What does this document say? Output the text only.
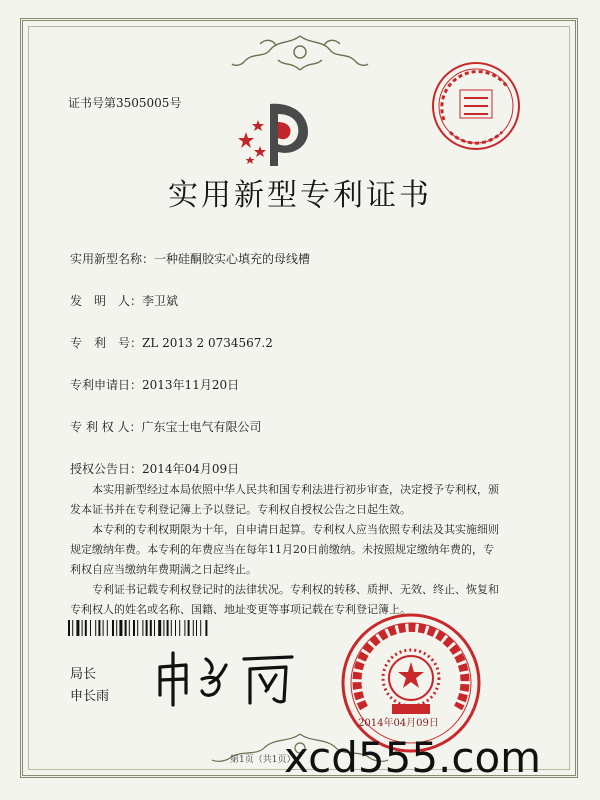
证书号第3505005号
实用新型专利证书
实用新型名称：一种硅酮胶实心填充的母线槽
发　明　人：李卫斌
专　利　号：ZL 2013 2 0734567.2
专利申请日：2013年11月20日
专 利 权 人：广东宝士电气有限公司
授权公告日：2014年04月09日

本实用新型经过本局依照中华人民共和国专利法进行初步审查，决定授予专利权，颁发本证书并在专利登记簿上予以登记。专利权自授权公告之日起生效。

本专利的专利权期限为十年，自申请日起算。专利权人应当依照专利法及其实施细则规定缴纳年费。本专利的年费应当在每年11月20日前缴纳。未按照规定缴纳年费的，专利权自应当缴纳年费期满之日起终止。

专利证书记载专利权登记时的法律状况。专利权的转移、质押、无效、终止、恢复和专利权人的姓名或名称、国籍、地址变更等事项记载在专利登记簿上。

局长
申长雨
2014年04月09日
第1页（共1页）
xcd555.com
